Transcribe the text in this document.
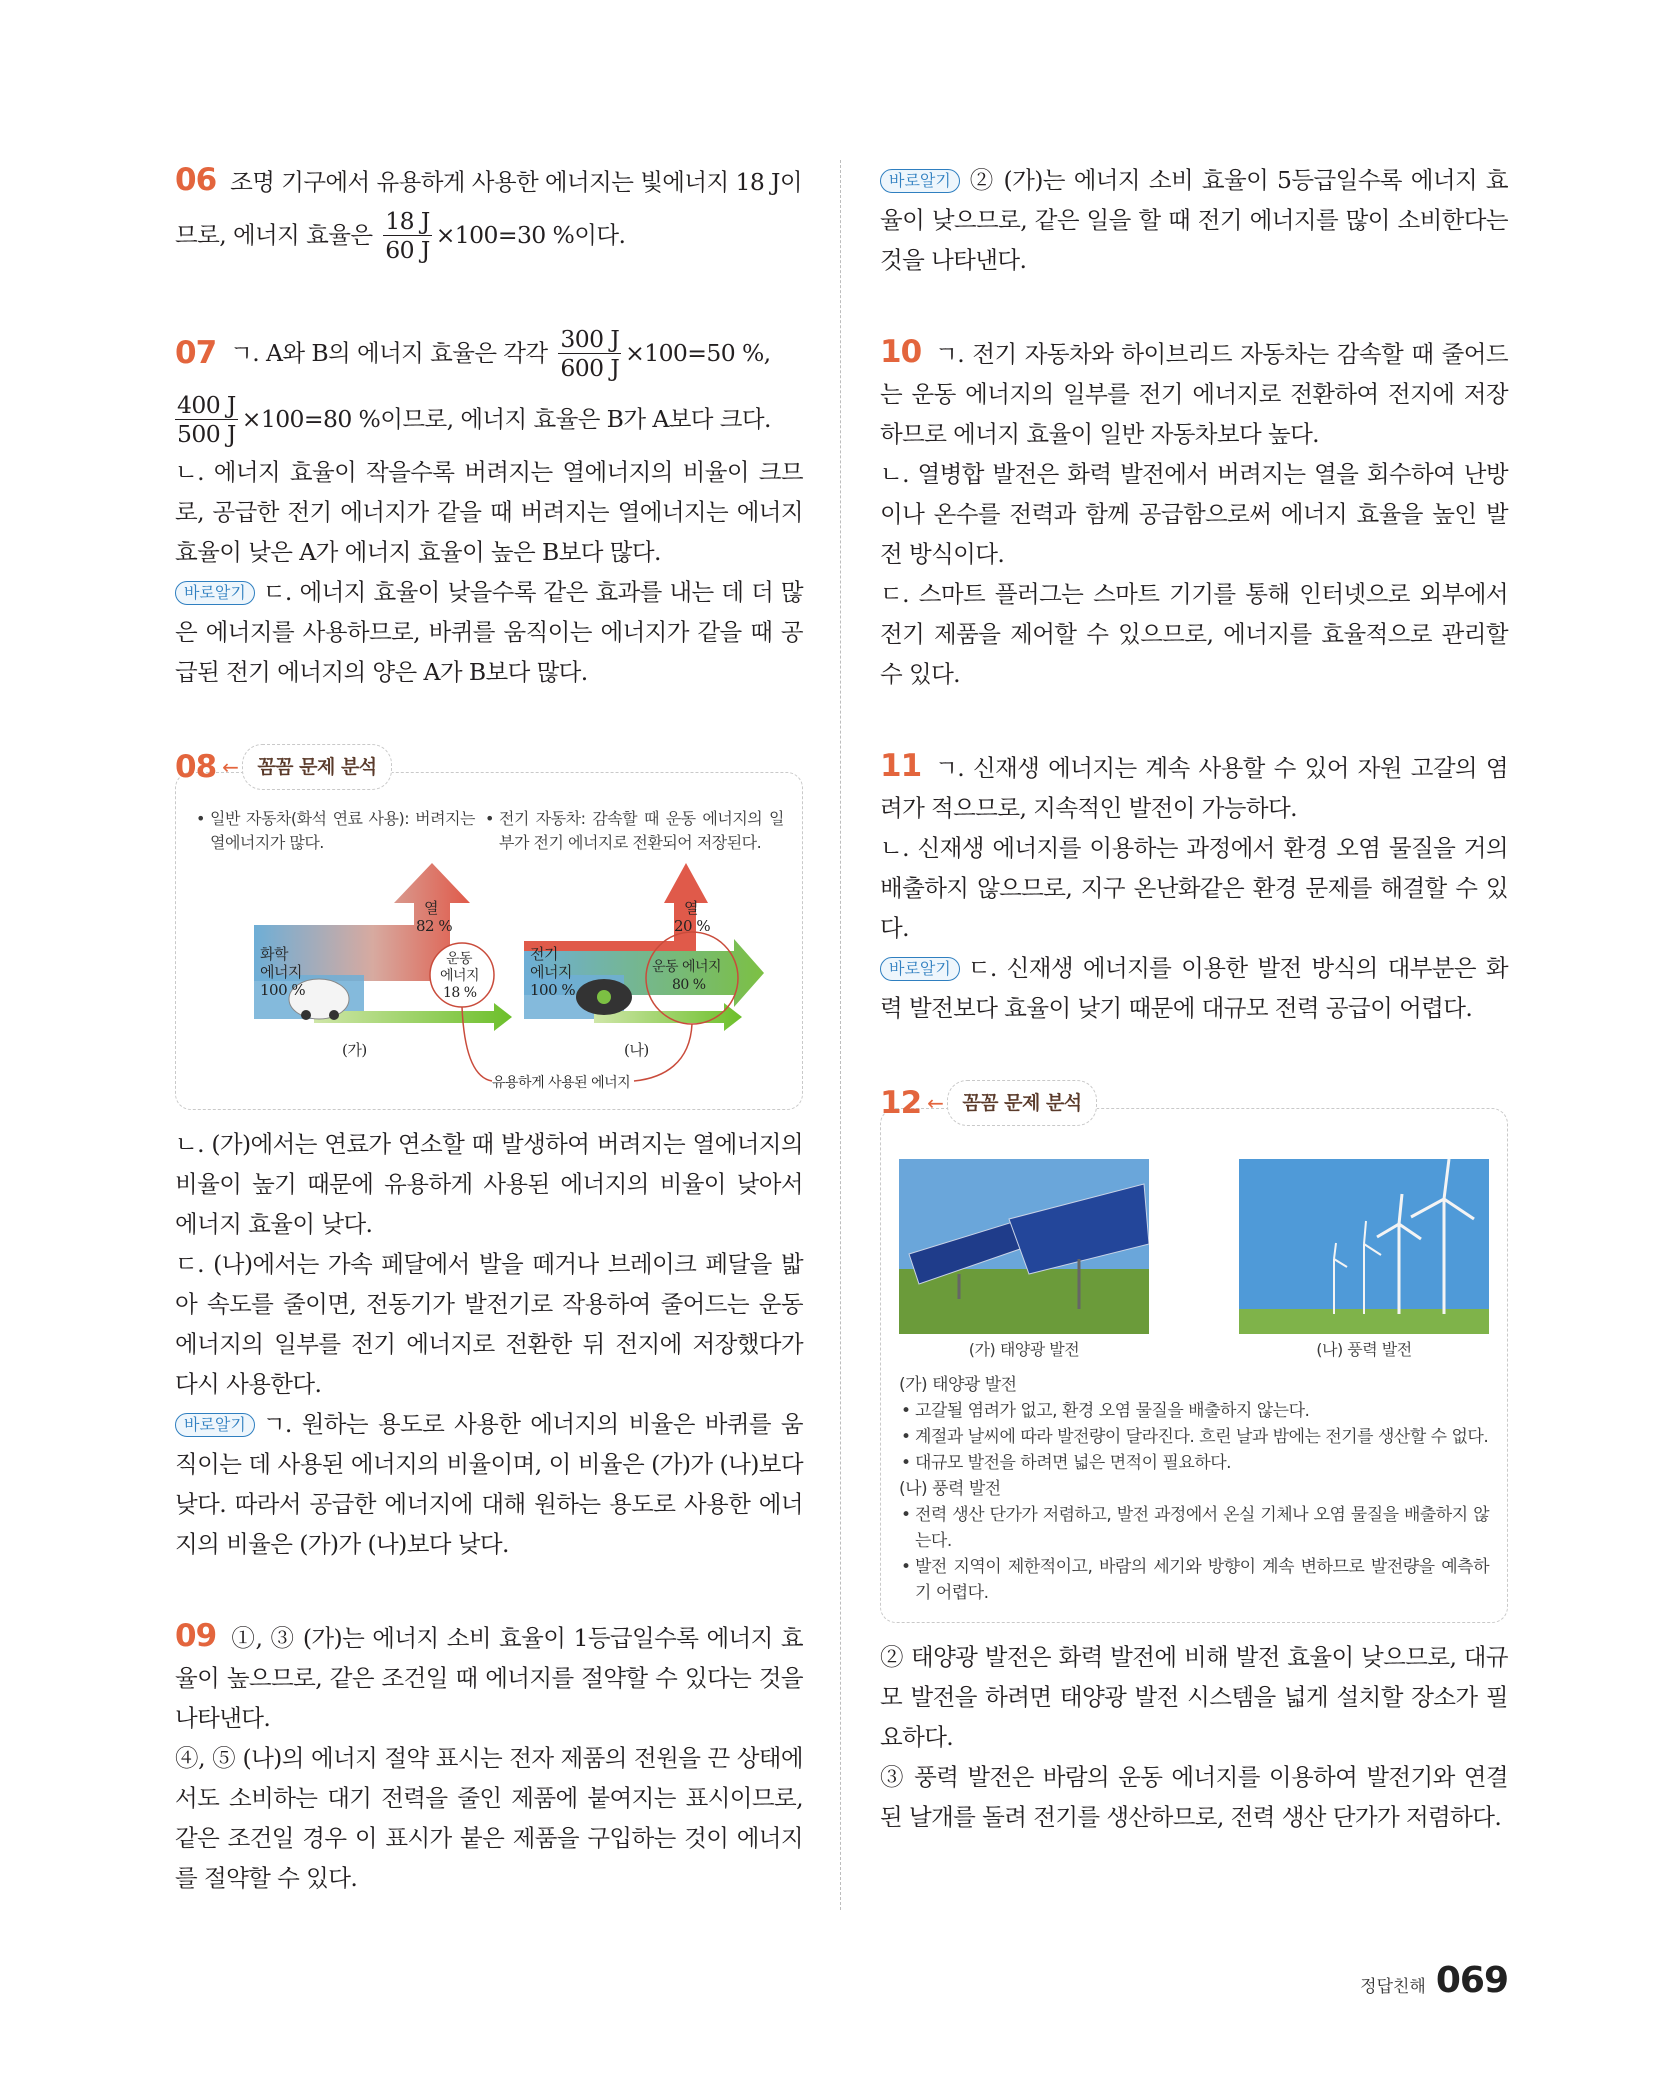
06 조명 기구에서 유용하게 사용한 에너지는 빛에너지 18 J이

므로, 에너지 효율은
$\frac{18 J}{60 J} \times 100=30$ %이다.
07 ㄱ. A와 B의 에너지 효율은 각각
$\frac{300 J}{600 J} \times 100=50$ %,
$\frac{400 J}{500 J} \times 100=80$ %이므로, 에너지 효율은 B가 A보다 크다.

ㄴ. 에너지 효율이 작을수록 버려지는 열에너지의 비율이 크므로, 공급한 전기 에너지가 같을 때 버려지는 열에너지는 에너지 효율이 낮은 A가 에너지 효율이 높은 B보다 많다.

바로알기 ㄷ. 에너지 효율이 낮을수록 같은 효과를 내는 데 더 많은 에너지를 사용하므로, 바퀴를 움직이는 에너지가 같을 때 공급된 전기 에너지의 양은 A가 B보다 많다.

08 ←	꼼꼼 문제 분석

• 일반 자동차(화석 연료 사용): 버려지는 열에너지가 많다.

• 전기 자동차: 감속할 때 운동 에너지의 일부가 전기 에너지로 전환되어 저장된다.

화학
에너지
100 %
열
82 %
운동
에너지
18 %
(가)
열
20 %
전기
에너지
100 %
운동 에너지
80 %
(나)
유용하게 사용된 에너지

ㄴ. (가)에서는 연료가 연소할 때 발생하여 버려지는 열에너지의 비율이 높기 때문에 유용하게 사용된 에너지의 비율이 낮아서 에너지 효율이 낮다.

ㄷ. (나)에서는 가속 페달에서 발을 떼거나 브레이크 페달을 밟아 속도를 줄이면, 전동기가 발전기로 작용하여 줄어드는 운동 에너지의 일부를 전기 에너지로 전환한 뒤 전지에 저장했다가 다시 사용한다.

바로알기 ㄱ. 원하는 용도로 사용한 에너지의 비율은 바퀴를 움직이는 데 사용된 에너지의 비율이며, 이 비율은 (가)가 (나)보다 낮다. 따라서 공급한 에너지에 대해 원하는 용도로 사용한 에너지의 비율은 (가)가 (나)보다 낮다.

09 ①, ③ (가)는 에너지 소비 효율이 1등급일수록 에너지 효율이 높으므로, 같은 조건일 때 에너지를 절약할 수 있다는 것을 나타낸다.

④, ⑤ (나)의 에너지 절약 표시는 전자 제품의 전원을 끈 상태에서도 소비하는 대기 전력을 줄인 제품에 붙여지는 표시이므로, 같은 조건일 경우 이 표시가 붙은 제품을 구입하는 것이 에너지를 절약할 수 있다.

바로알기 ② (가)는 에너지 소비 효율이 5등급일수록 에너지 효율이 낮으므로, 같은 일을 할 때 전기 에너지를 많이 소비한다는 것을 나타낸다.

10 ㄱ. 전기 자동차와 하이브리드 자동차는 감속할 때 줄어드는 운동 에너지의 일부를 전기 에너지로 전환하여 전지에 저장하므로 에너지 효율이 일반 자동차보다 높다.

ㄴ. 열병합 발전은 화력 발전에서 버려지는 열을 회수하여 난방이나 온수를 전력과 함께 공급함으로써 에너지 효율을 높인 발전 방식이다.

ㄷ. 스마트 플러그는 스마트 기기를 통해 인터넷으로 외부에서 전기 제품을 제어할 수 있으므로, 에너지를 효율적으로 관리할 수 있다.

11 ㄱ. 신재생 에너지는 계속 사용할 수 있어 자원 고갈의 염려가 적으므로, 지속적인 발전이 가능하다.

ㄴ. 신재생 에너지를 이용하는 과정에서 환경 오염 물질을 거의 배출하지 않으므로, 지구 온난화같은 환경 문제를 해결할 수 있다.

바로알기 ㄷ. 신재생 에너지를 이용한 발전 방식의 대부분은 화력 발전보다 효율이 낮기 때문에 대규모 전력 공급이 어렵다.

12 ←	꼼꼼 문제 분석
(가) 태양광 발전	(나) 풍력 발전

(가) 태양광 발전

• 고갈될 염려가 없고, 환경 오염 물질을 배출하지 않는다.

• 계절과 날씨에 따라 발전량이 달라진다. 흐린 날과 밤에는 전기를 생산할 수 없다.

• 대규모 발전을 하려면 넓은 면적이 필요하다.

(나) 풍력 발전

• 전력 생산 단가가 저렴하고, 발전 과정에서 온실 기체나 오염 물질을 배출하지 않는다.

• 발전 지역이 제한적이고, 바람의 세기와 방향이 계속 변하므로 발전량을 예측하기 어렵다.

② 태양광 발전은 화력 발전에 비해 발전 효율이 낮으므로, 대규모 발전을 하려면 태양광 발전 시스템을 넓게 설치할 장소가 필요하다.

③ 풍력 발전은 바람의 운동 에너지를 이용하여 발전기와 연결된 날개를 돌려 전기를 생산하므로, 전력 생산 단가가 저렴하다.

정답친해 069
